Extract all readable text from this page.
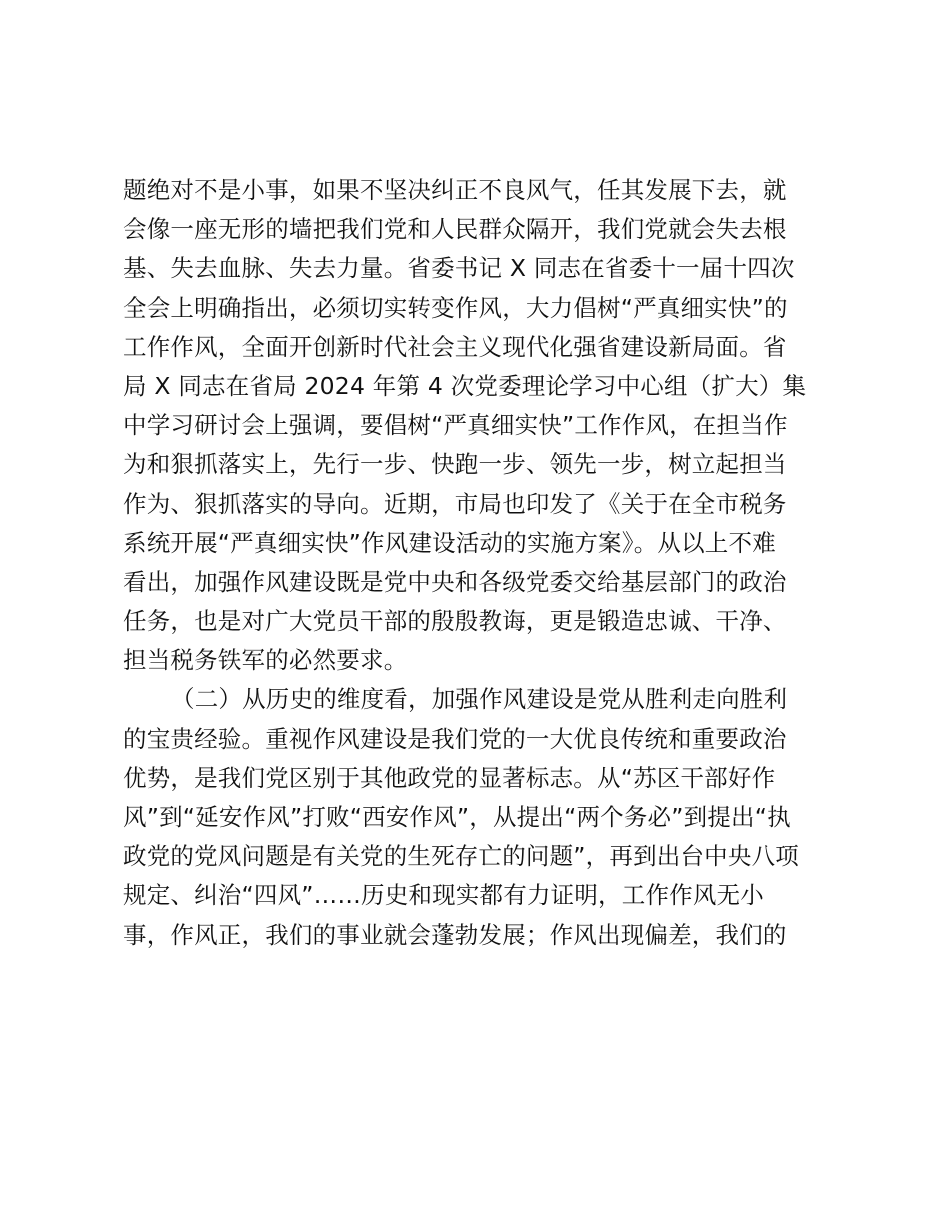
题绝对不是小事，如果不坚决纠正不良风气，任其发展下去，就
会像一座无形的墙把我们党和人民群众隔开，我们党就会失去根
基、失去血脉、失去力量。省委书记 X 同志在省委十一届十四次
全会上明确指出，必须切实转变作风，大力倡树“严真细实快”的
工作作风，全面开创新时代社会主义现代化强省建设新局面。省
局 X 同志在省局 2024 年第 4 次党委理论学习中心组（扩大）集
中学习研讨会上强调，要倡树“严真细实快”工作作风，在担当作
为和狠抓落实上，先行一步、快跑一步、领先一步，树立起担当
作为、狠抓落实的导向。近期，市局也印发了《关于在全市税务
系统开展“严真细实快”作风建设活动的实施方案》。从以上不难
看出，加强作风建设既是党中央和各级党委交给基层部门的政治
任务，也是对广大党员干部的殷殷教诲，更是锻造忠诚、干净、
担当税务铁军的必然要求。
（二）从历史的维度看，加强作风建设是党从胜利走向胜利
的宝贵经验。重视作风建设是我们党的一大优良传统和重要政治
优势，是我们党区别于其他政党的显著标志。从“苏区干部好作
风”到“延安作风”打败“西安作风”，从提出“两个务必”到提出“执
政党的党风问题是有关党的生死存亡的问题”，再到出台中央八项
规定、纠治“四风”……历史和现实都有力证明，工作作风无小
事，作风正，我们的事业就会蓬勃发展；作风出现偏差，我们的
